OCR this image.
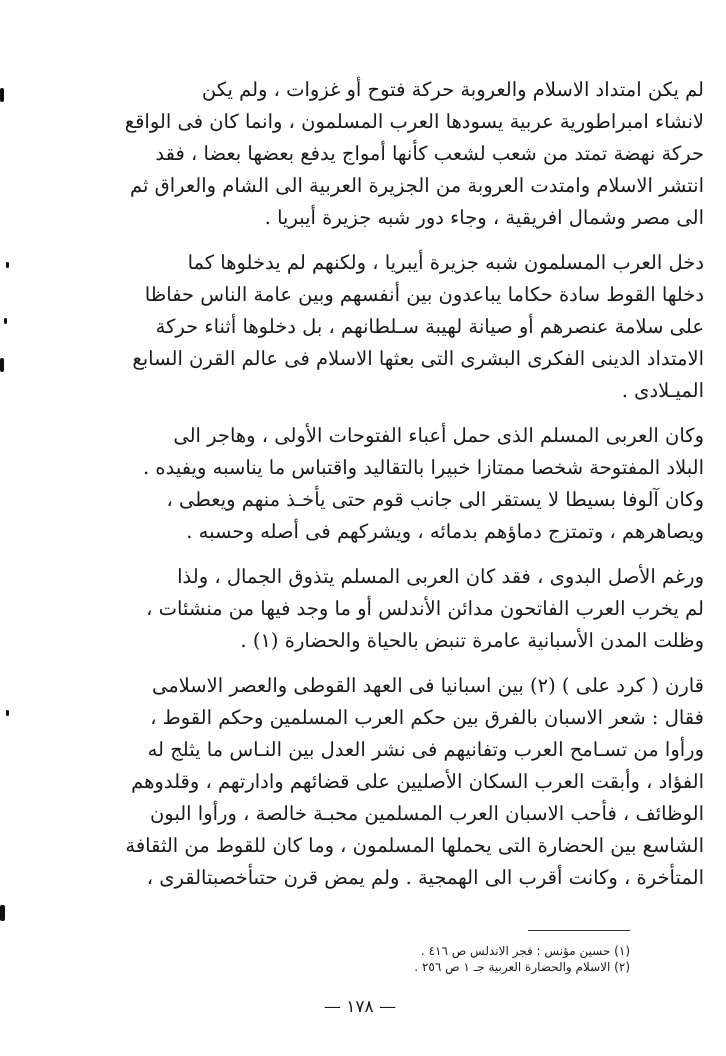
لم يكن امتداد الاسلام والعروبة حركة فتوح أو غزوات ، ولم يكن
لانشاء امبراطورية عربية يسودها العرب المسلمون ، وانما كان فى الواقع
حركة نهضة تمتد من شعب لشعب كأنها أمواج يدفع بعضها بعضا ، فقد
انتشر الاسلام وامتدت العروبة من الجزيرة العربية الى الشام والعراق ثم
الى مصر وشمال افريقية ، وجاء دور شبه جزيرة أيبريا .
دخل العرب المسلمون شبه جزيرة أيبريا ، ولكنهم لم يدخلوها كما
دخلها القوط سادة حكاما يباعدون بين أنفسهم وبين عامة الناس حفاظا
على سلامة عنصرهم أو صيانة لهيبة سـلطانهم ، بل دخلوها أثناء حركة
الامتداد الدينى الفكرى البشرى التى بعثها الاسلام فى عالم القرن السابع
الميـلادى .
وكان العربى المسلم الذى حمل أعباء الفتوحات الأولى ، وهاجر الى
البلاد المفتوحة شخصا ممتازا خبيرا بالتقاليد واقتباس ما يناسبه ويفيده .
وكان آلوفا بسيطا لا يستقر الى جانب قوم حتى يأخـذ منهم ويعطى ،
ويصاهرهم ، وتمتزج دماؤهم بدمائه ، ويشركهم فى أصله وحسبه .
ورغم الأصل البدوى ، فقد كان العربى المسلم يتذوق الجمال ، ولذا
لم يخرب العرب الفاتحون مدائن الأندلس أو ما وجد فيها من منشئات ،
وظلت المدن الأسبانية عامرة تنبض بالحياة والحضارة (١) .
قارن ( كرد على ) (٢) بين اسبانيا فى العهد القوطى والعصر الاسلامى
فقال : شعر الاسبان بالفرق بين حكم العرب المسلمين وحكم القوط ،
ورأوا من تسـامح العرب وتفانيهم فى نشر العدل بين النـاس ما يثلج له
الفؤاد ، وأبقت العرب السكان الأصليين على قضائهم وادارتهم ، وقلدوهم
الوظائف ، فأحب الاسبان العرب المسلمين محبـة خالصة ، ورأوا البون
الشاسع بين الحضارة التى يحملها المسلمون ، وما كان للقوط من الثقافة
المتأخرة ، وكانت أقرب الى الهمجية . ولم يمض قرن حتىأخصبتالقرى ،
(١) حسين مؤنس : فجر الاندلس ص ٤١٦ .
(٢) الاسلام والحضارة العربية جـ ١ ص ٢٥٦ .
— ١٧٨ —
